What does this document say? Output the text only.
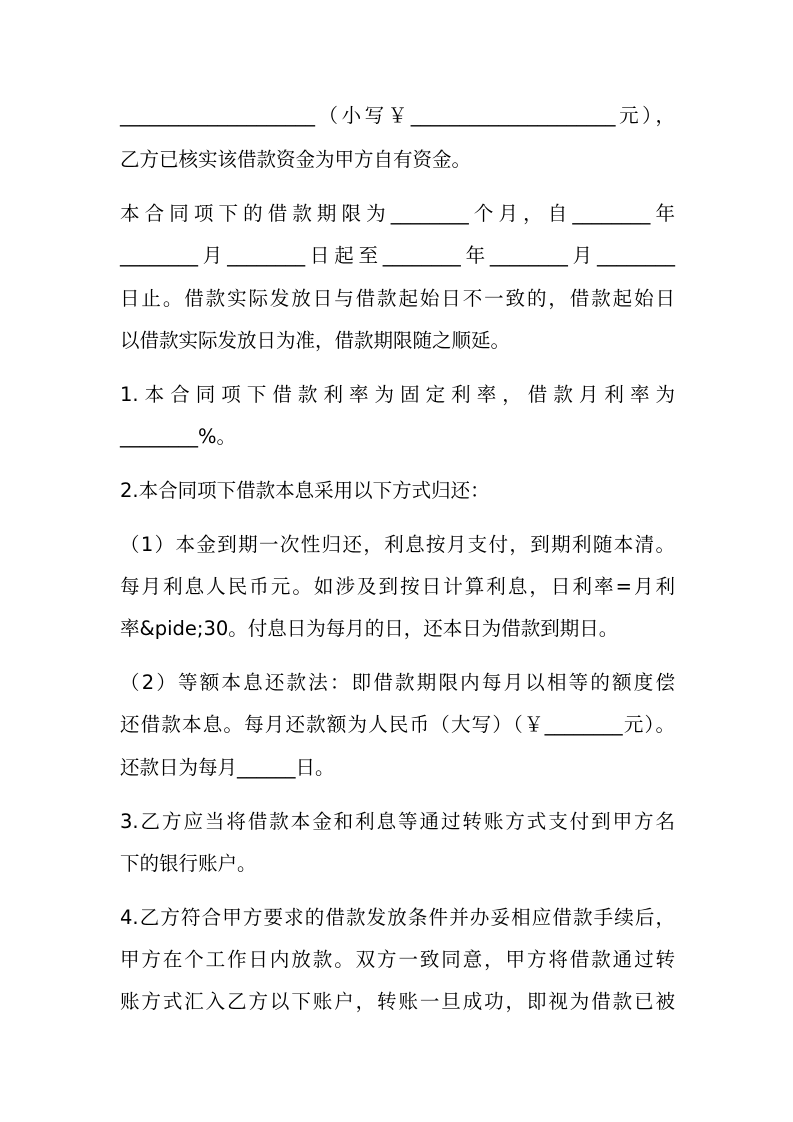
____________________（小写￥_____________________元），
乙方已核实该借款资金为甲方自有资金。
本合同项下的借款期限为________个月，自________年
________月________日起至________年________月________
日止。借款实际发放日与借款起始日不一致的，借款起始日
以借款实际发放日为准，借款期限随之顺延。
1.本合同项下借款利率为固定利率，借款月利率为
________%。
2.本合同项下借款本息采用以下方式归还：
（1）本金到期一次性归还，利息按月支付，到期利随本清。
每月利息人民币元。如涉及到按日计算利息，日利率=月利
率&pide;30。付息日为每月的日，还本日为借款到期日。
（2）等额本息还款法：即借款期限内每月以相等的额度偿
还借款本息。每月还款额为人民币（大写）（￥________元）。
还款日为每月______日。
3.乙方应当将借款本金和利息等通过转账方式支付到甲方名
下的银行账户。
4.乙方符合甲方要求的借款发放条件并办妥相应借款手续后，
甲方在个工作日内放款。双方一致同意，甲方将借款通过转
账方式汇入乙方以下账户，转账一旦成功，即视为借款已被
